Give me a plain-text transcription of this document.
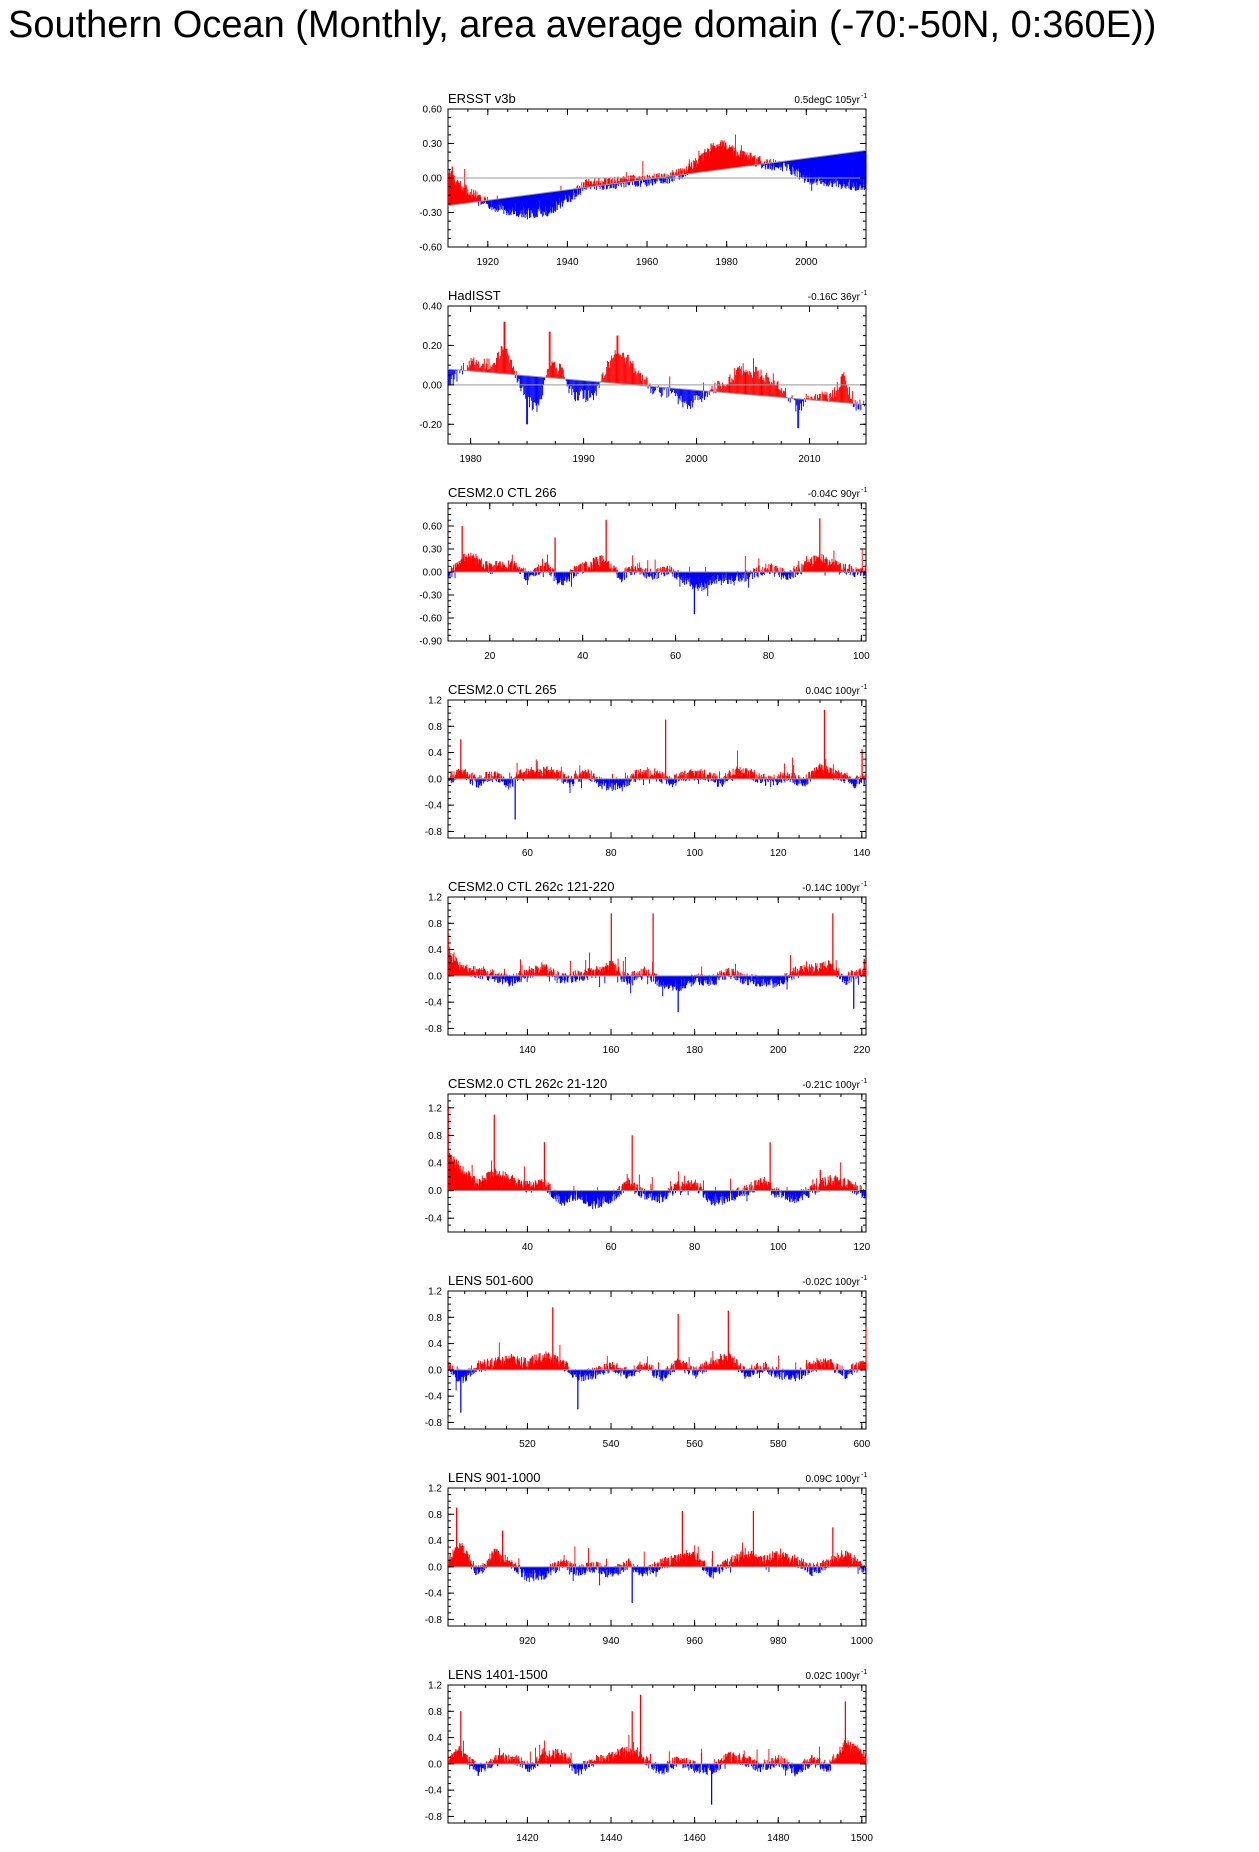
Southern Ocean (Monthly, area average domain (-70:-50N, 0:360E))
ERSST v3b	0.5degC 105yr -1
-0.60
-0.30
0.00
0.30
0.60
1920	1940	1960	1980	2000
HadISST	-0.16C 36yr -1
-0.20
0.00
0.20
0.40
1980	1990	2000	2010
CESM2.0 CTL 266	-0.04C 90yr -1
-0.90
-0.60
-0.30
0.00
0.30
0.60
20	40	60	80	100
CESM2.0 CTL 265	0.04C 100yr -1
-0.8
-0.4
0.0
0.4
0.8
1.2
60	80	100	120	140
CESM2.0 CTL 262c 121-220	-0.14C 100yr -1
-0.8
-0.4
0.0
0.4
0.8
1.2
140	160	180	200	220
CESM2.0 CTL 262c 21-120	-0.21C 100yr -1
-0.4
0.0
0.4
0.8
1.2
40	60	80	100	120
LENS 501-600	-0.02C 100yr -1
-0.8
-0.4
0.0
0.4
0.8
1.2
520	540	560	580	600
LENS 901-1000	0.09C 100yr -1
-0.8
-0.4
0.0
0.4
0.8
1.2
920	940	960	980	1000
LENS 1401-1500	0.02C 100yr -1
-0.8
-0.4
0.0
0.4
0.8
1.2
1420	1440	1460	1480	1500
